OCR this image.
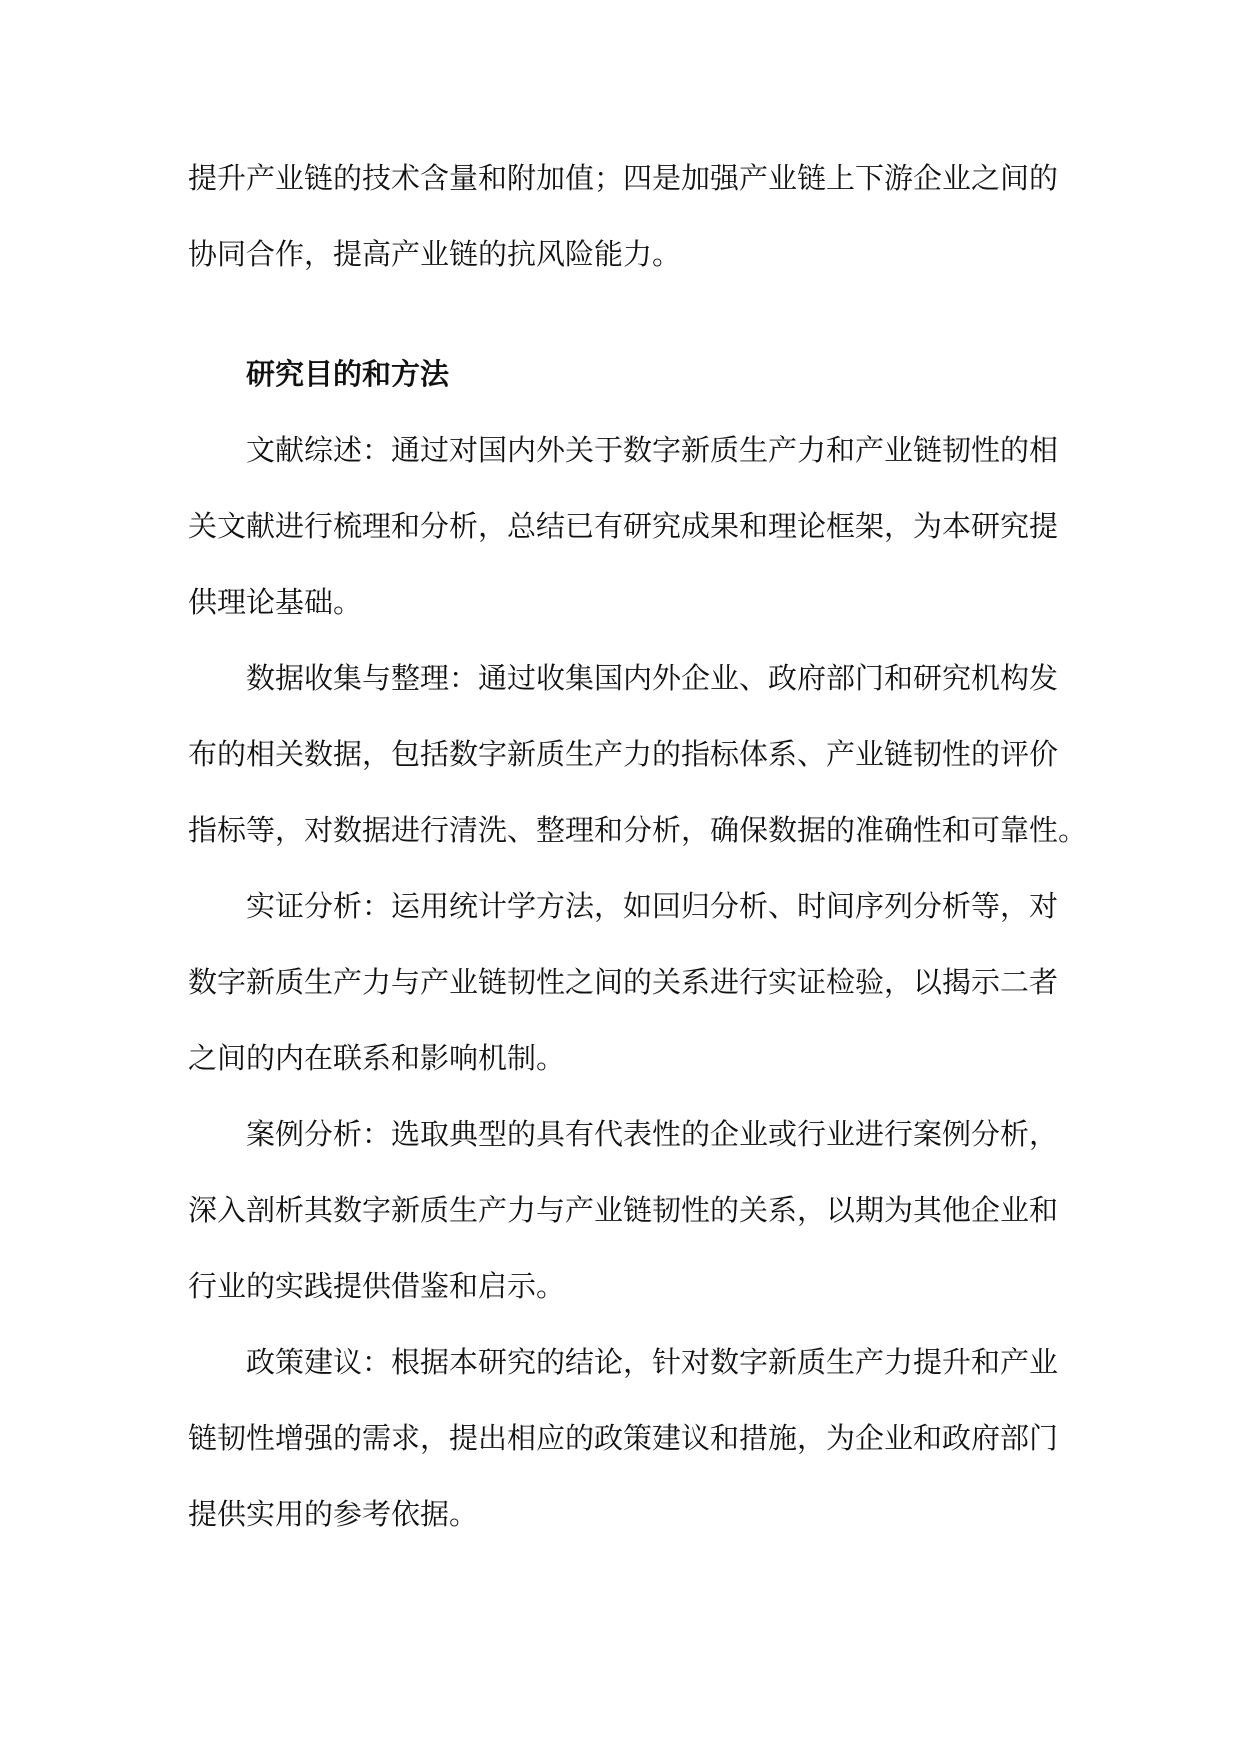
提升产业链的技术含量和附加值；四是加强产业链上下游企业之间的
协同合作，提高产业链的抗风险能力。
研究目的和方法
文献综述：通过对国内外关于数字新质生产力和产业链韧性的相
关文献进行梳理和分析，总结已有研究成果和理论框架，为本研究提
供理论基础。
数据收集与整理：通过收集国内外企业、政府部门和研究机构发
布的相关数据，包括数字新质生产力的指标体系、产业链韧性的评价
指标等，对数据进行清洗、整理和分析，确保数据的准确性和可靠性。
实证分析：运用统计学方法，如回归分析、时间序列分析等，对
数字新质生产力与产业链韧性之间的关系进行实证检验，以揭示二者
之间的内在联系和影响机制。
案例分析：选取典型的具有代表性的企业或行业进行案例分析，
深入剖析其数字新质生产力与产业链韧性的关系，以期为其他企业和
行业的实践提供借鉴和启示。
政策建议：根据本研究的结论，针对数字新质生产力提升和产业
链韧性增强的需求，提出相应的政策建议和措施，为企业和政府部门
提供实用的参考依据。
